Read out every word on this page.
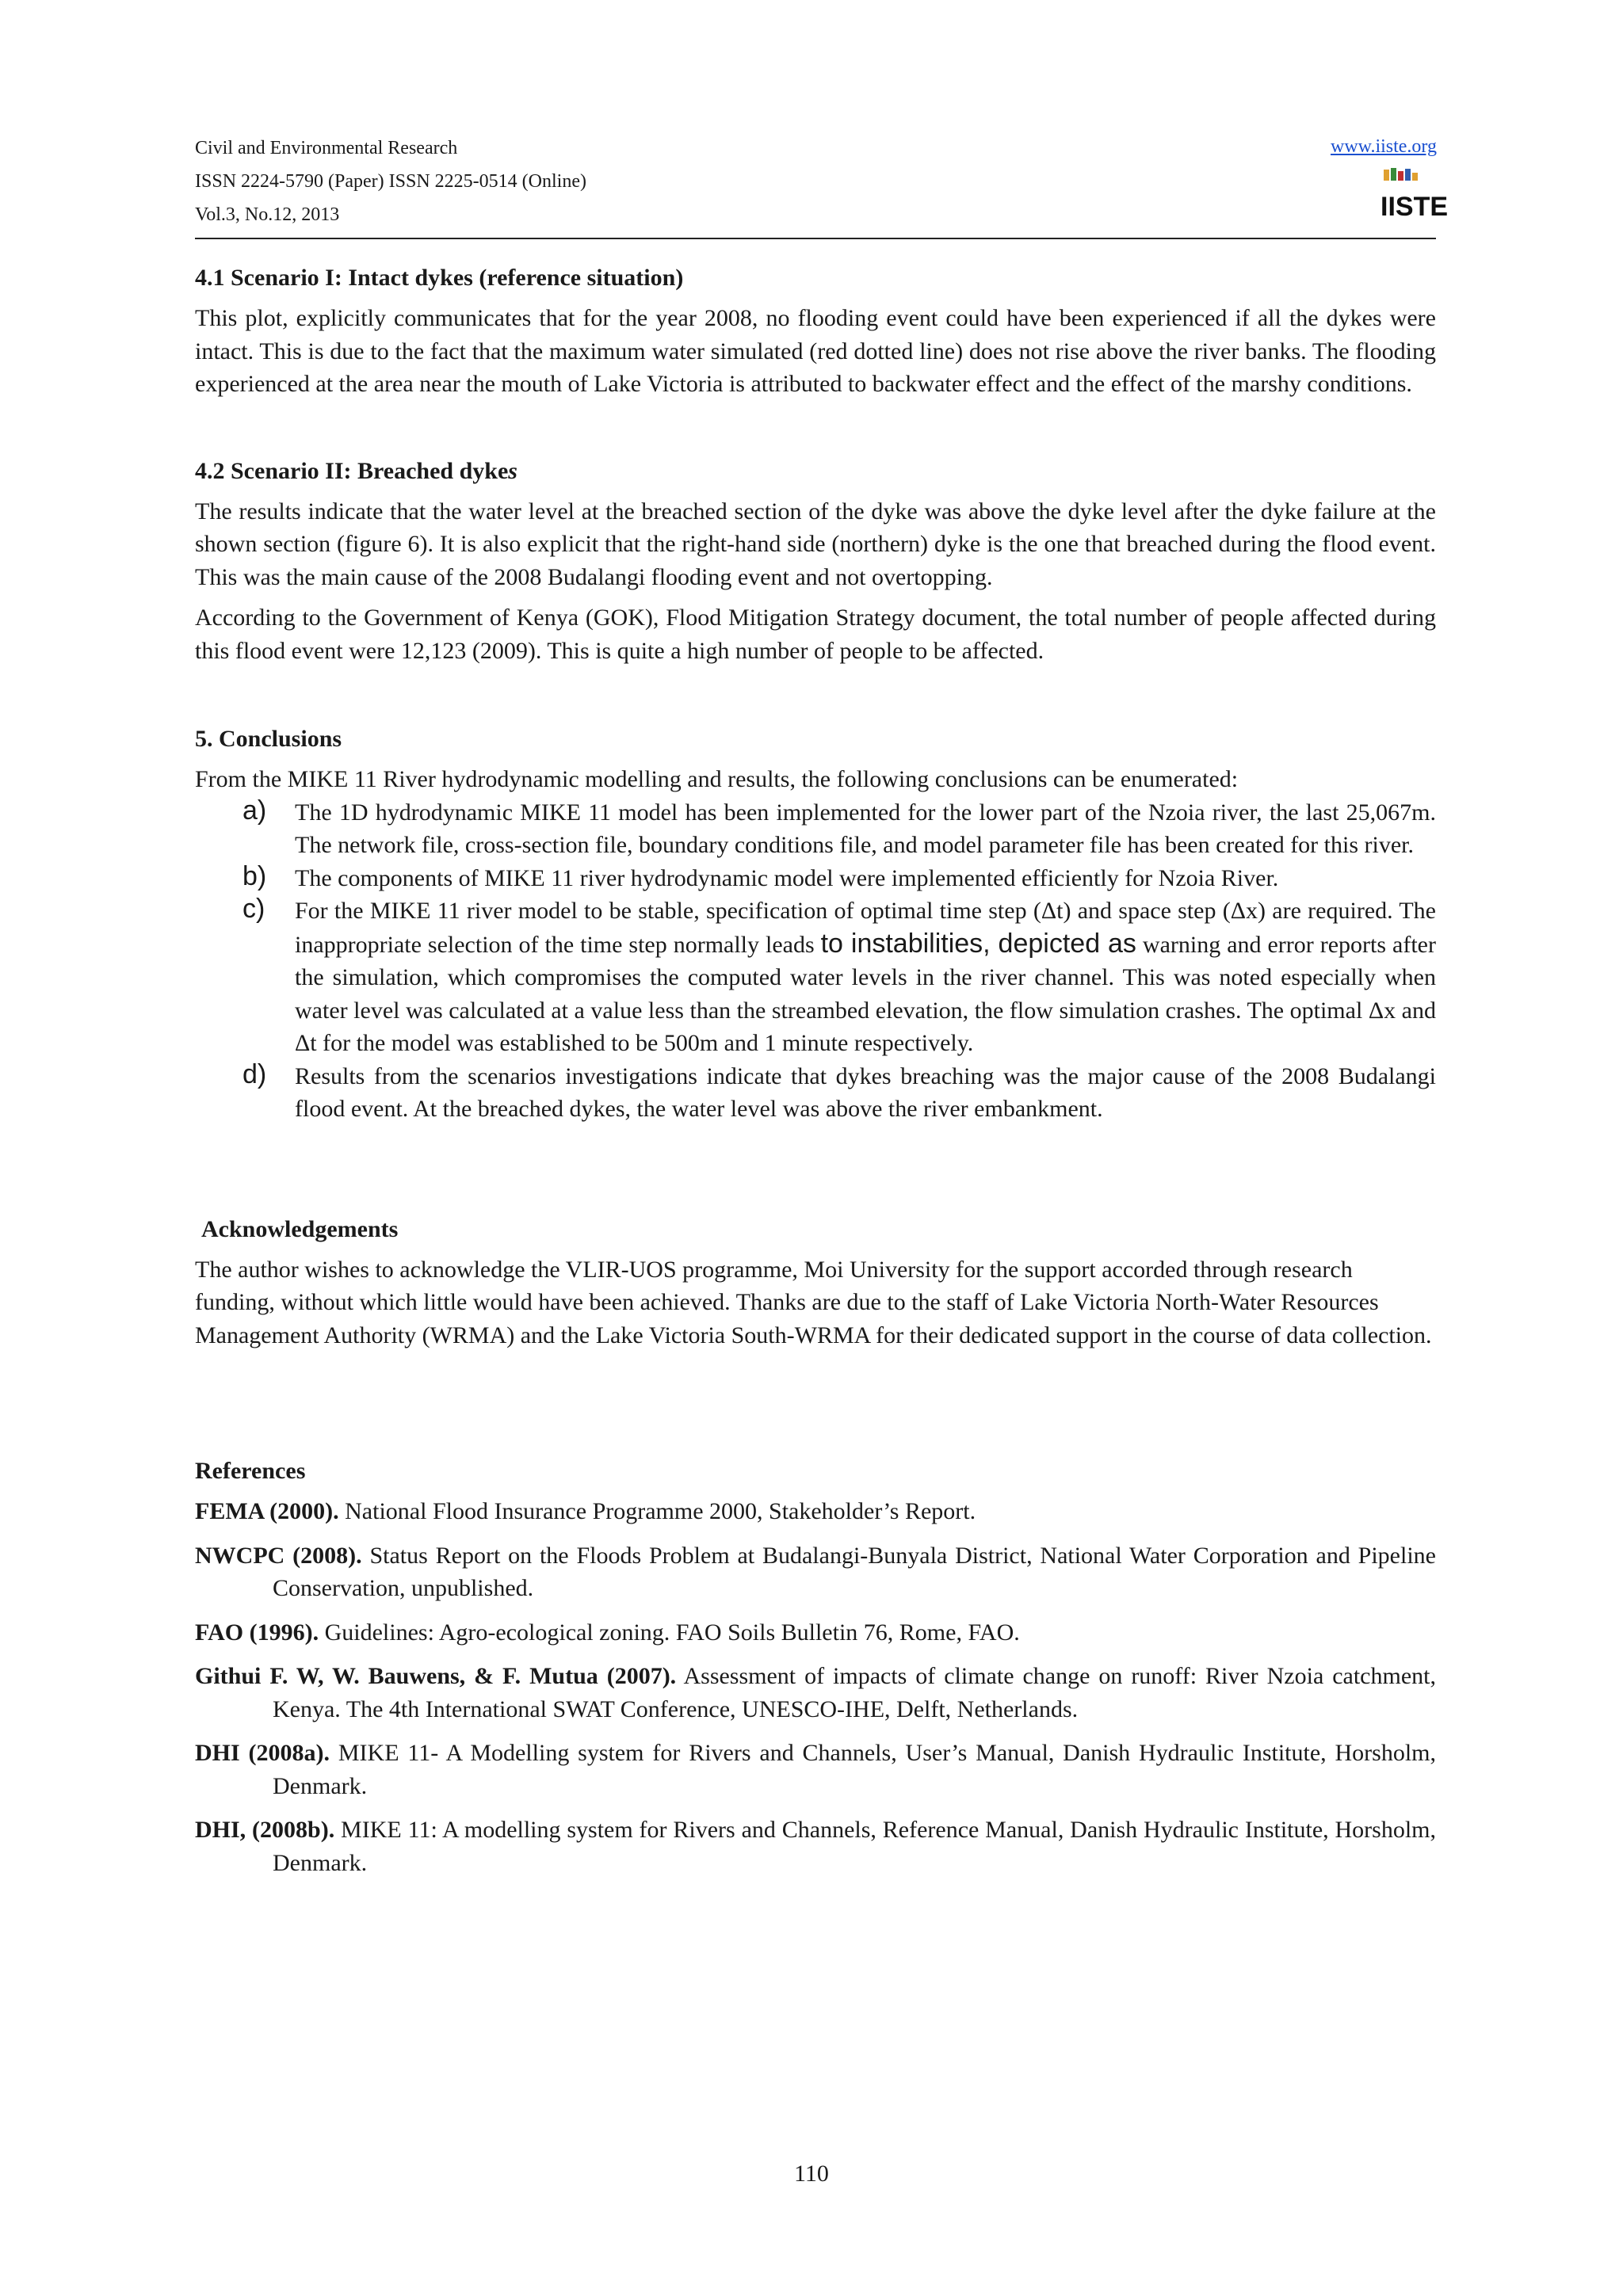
Civil and Environmental Research
ISSN 2224-5790 (Paper) ISSN 2225-0514 (Online)
Vol.3, No.12, 2013
www.iiste.org
IISTE
4.1 Scenario I: Intact dykes (reference situation)

This plot, explicitly communicates that for the year 2008, no flooding event could have been experienced if all the dykes were intact. This is due to the fact that the maximum water simulated (red dotted line) does not rise above the river banks. The flooding experienced at the area near the mouth of Lake Victoria is attributed to backwater effect and the effect of the marshy conditions.

4.2 Scenario II: Breached dykes

The results indicate that the water level at the breached section of the dyke was above the dyke level after the dyke failure at the shown section (figure 6). It is also explicit that the right-hand side (northern) dyke is the one that breached during the flood event. This was the main cause of the 2008 Budalangi flooding event and not overtopping.

According to the Government of Kenya (GOK), Flood Mitigation Strategy document, the total number of people affected during this flood event were 12,123 (2009). This is quite a high number of people to be affected.

5. Conclusions

From the MIKE 11 River hydrodynamic modelling and results, the following conclusions can be enumerated:

a) The 1D hydrodynamic MIKE 11 model has been implemented for the lower part of the Nzoia river, the last 25,067m. The network file, cross-section file, boundary conditions file, and model parameter file has been created for this river.
b) The components of MIKE 11 river hydrodynamic model were implemented efficiently for Nzoia River.
c) For the MIKE 11 river model to be stable, specification of optimal time step (Δt) and space step (Δx) are required. The inappropriate selection of the time step normally leads to instabilities, depicted as warning and error reports after the simulation, which compromises the computed water levels in the river channel. This was noted especially when water level was calculated at a value less than the streambed elevation, the flow simulation crashes. The optimal Δx and Δt for the model was established to be 500m and 1 minute respectively.
d) Results from the scenarios investigations indicate that dykes breaching was the major cause of the 2008 Budalangi flood event. At the breached dykes, the water level was above the river embankment.
Acknowledgements

The author wishes to acknowledge the VLIR-UOS programme, Moi University for the support accorded through research funding, without which little would have been achieved. Thanks are due to the staff of Lake Victoria North-Water Resources Management Authority (WRMA) and the Lake Victoria South-WRMA for their dedicated support in the course of data collection.

References

FEMA (2000). National Flood Insurance Programme 2000, Stakeholder’s Report.

NWCPC (2008). Status Report on the Floods Problem at Budalangi-Bunyala District, National Water Corporation and Pipeline Conservation, unpublished.

FAO (1996). Guidelines: Agro-ecological zoning. FAO Soils Bulletin 76, Rome, FAO.

Githui F. W, W. Bauwens, & F. Mutua (2007). Assessment of impacts of climate change on runoff: River Nzoia catchment, Kenya. The 4th International SWAT Conference, UNESCO-IHE, Delft, Netherlands.

DHI (2008a). MIKE 11- A Modelling system for Rivers and Channels, User’s Manual, Danish Hydraulic Institute, Horsholm, Denmark.

DHI, (2008b). MIKE 11: A modelling system for Rivers and Channels, Reference Manual, Danish Hydraulic Institute, Horsholm, Denmark.

110
